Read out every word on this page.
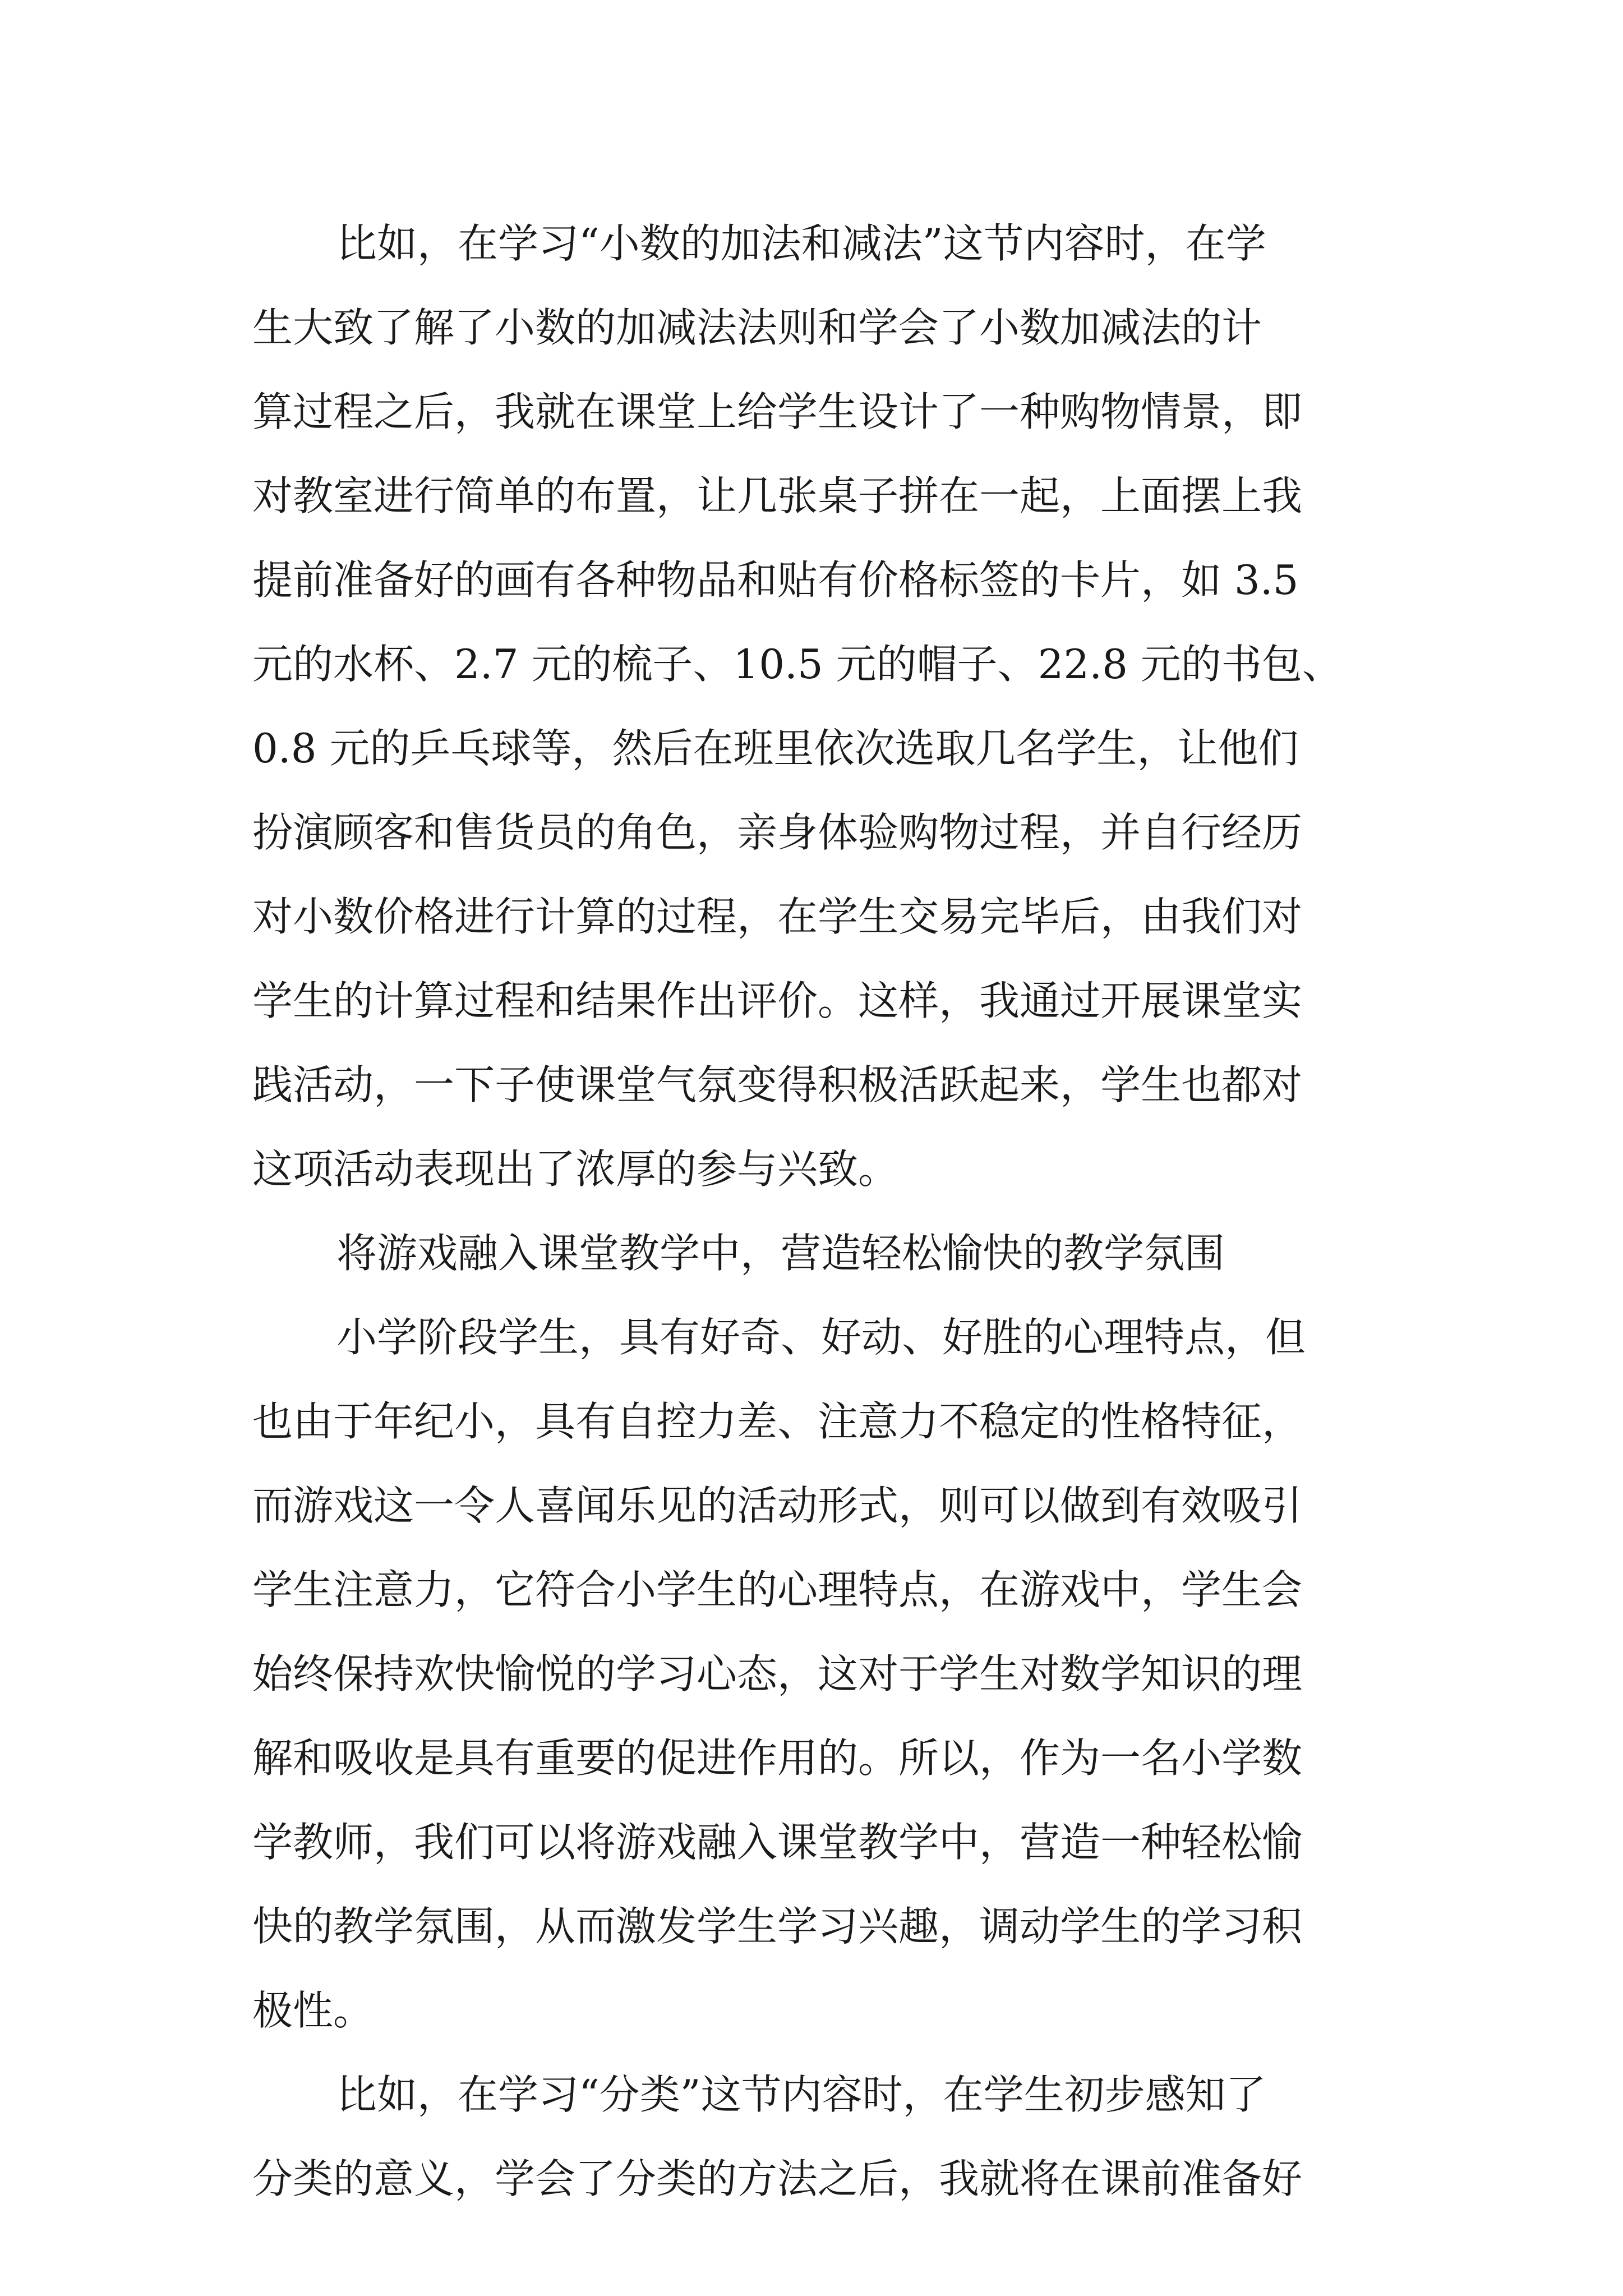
比如，在学习“小数的加法和减法”这节内容时，在学
生大致了解了小数的加减法法则和学会了小数加减法的计
算过程之后，我就在课堂上给学生设计了一种购物情景，即
对教室进行简单的布置，让几张桌子拼在一起，上面摆上我
提前准备好的画有各种物品和贴有价格标签的卡片，如 3.5
元的水杯、2.7 元的梳子、10.5 元的帽子、22.8 元的书包、
0.8 元的乒乓球等，然后在班里依次选取几名学生，让他们
扮演顾客和售货员的角色，亲身体验购物过程，并自行经历
对小数价格进行计算的过程，在学生交易完毕后，由我们对
学生的计算过程和结果作出评价。这样，我通过开展课堂实
践活动，一下子使课堂气氛变得积极活跃起来，学生也都对
这项活动表现出了浓厚的参与兴致。
将游戏融入课堂教学中，营造轻松愉快的教学氛围
小学阶段学生，具有好奇、好动、好胜的心理特点，但
也由于年纪小，具有自控力差、注意力不稳定的性格特征，
而游戏这一令人喜闻乐见的活动形式，则可以做到有效吸引
学生注意力，它符合小学生的心理特点，在游戏中，学生会
始终保持欢快愉悦的学习心态，这对于学生对数学知识的理
解和吸收是具有重要的促进作用的。所以，作为一名小学数
学教师，我们可以将游戏融入课堂教学中，营造一种轻松愉
快的教学氛围，从而激发学生学习兴趣，调动学生的学习积
极性。
比如，在学习“分类”这节内容时，在学生初步感知了
分类的意义，学会了分类的方法之后，我就将在课前准备好
